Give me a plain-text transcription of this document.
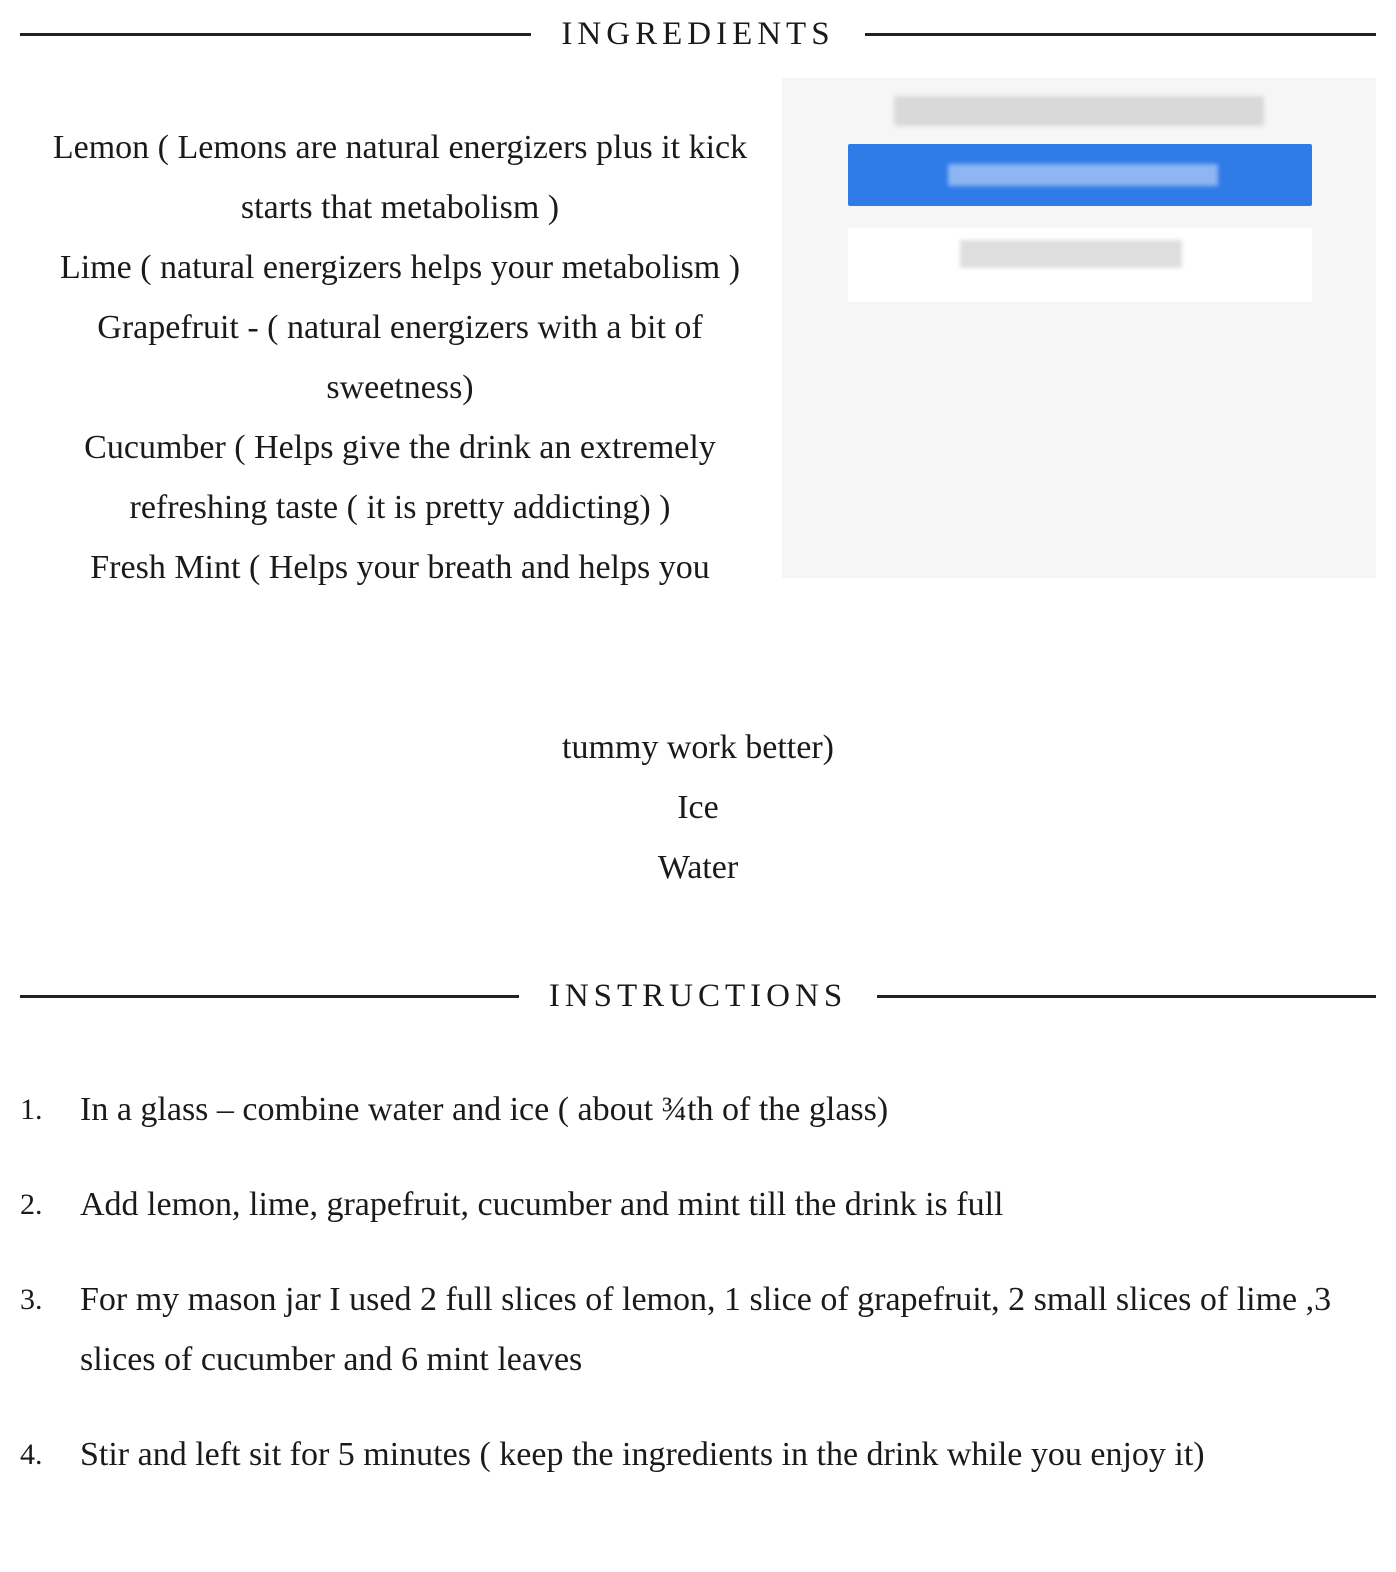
INGREDIENTS

Lemon ( Lemons are natural energizers plus it kick starts that metabolism )

Lime ( natural energizers helps your metabolism )

Grapefruit - ( natural energizers with a bit of sweetness)

Cucumber ( Helps give the drink an extremely refreshing taste ( it is pretty addicting) )

Fresh Mint ( Helps your breath and helps you

tummy work better)

Ice

Water

INSTRUCTIONS
1. In a glass – combine water and ice ( about ¾th of the glass)
2. Add lemon, lime, grapefruit, cucumber and mint till the drink is full
3. For my mason jar I used 2 full slices of lemon, 1 slice of grapefruit, 2 small slices of lime ,3 slices of cucumber and 6 mint leaves
4. Stir and left sit for 5 minutes ( keep the ingredients in the drink while you enjoy it)
